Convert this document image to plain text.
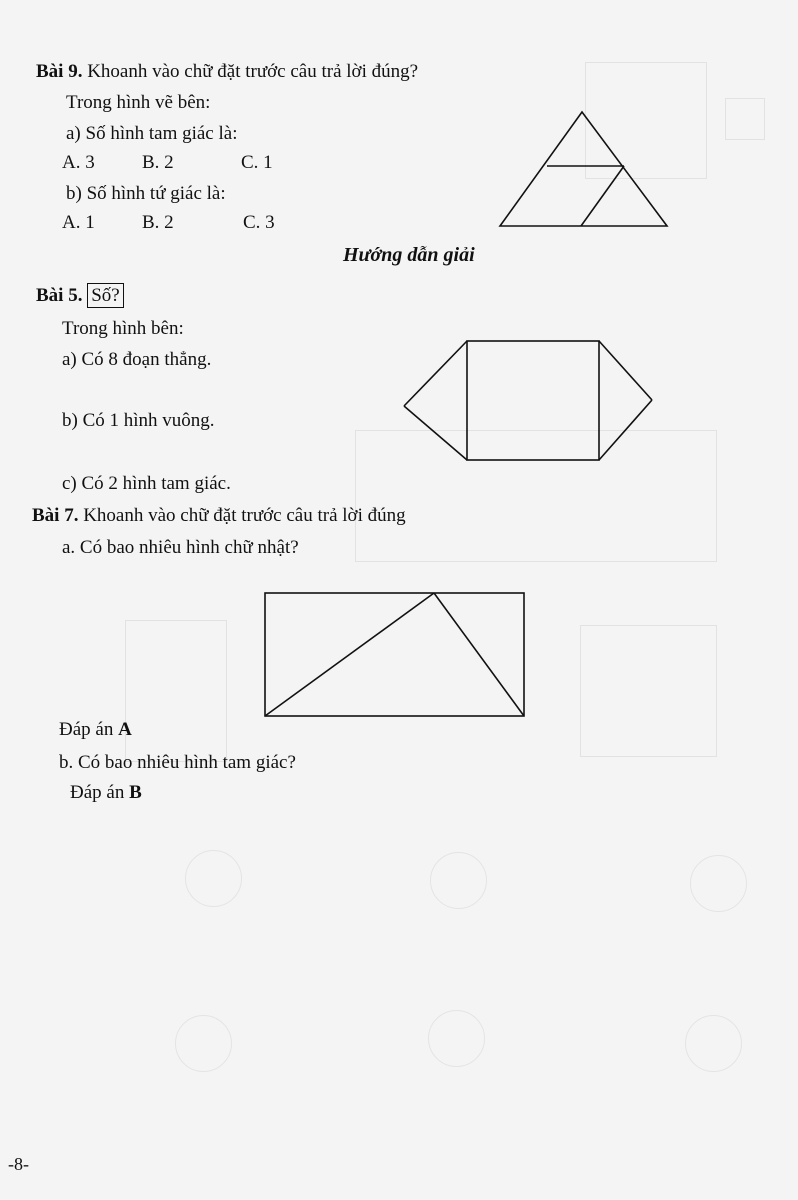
Bài 9. Khoanh vào chữ đặt trước câu trả lời đúng?
Trong hình vẽ bên:
a) Số hình tam giác là:
A. 3 B. 2	C. 1
b) Số hình tứ giác là:
A. 1 B. 2	C. 3
Hướng dẫn giải
Bài 5. Số?
Trong hình bên:
a) Có 8 đoạn thẳng.
b) Có 1 hình vuông.
c) Có 2 hình tam giác.
Bài 7. Khoanh vào chữ đặt trước câu trả lời đúng
a. Có bao nhiêu hình chữ nhật?
Đáp án A
b. Có bao nhiêu hình tam giác?
Đáp án B
-8-
